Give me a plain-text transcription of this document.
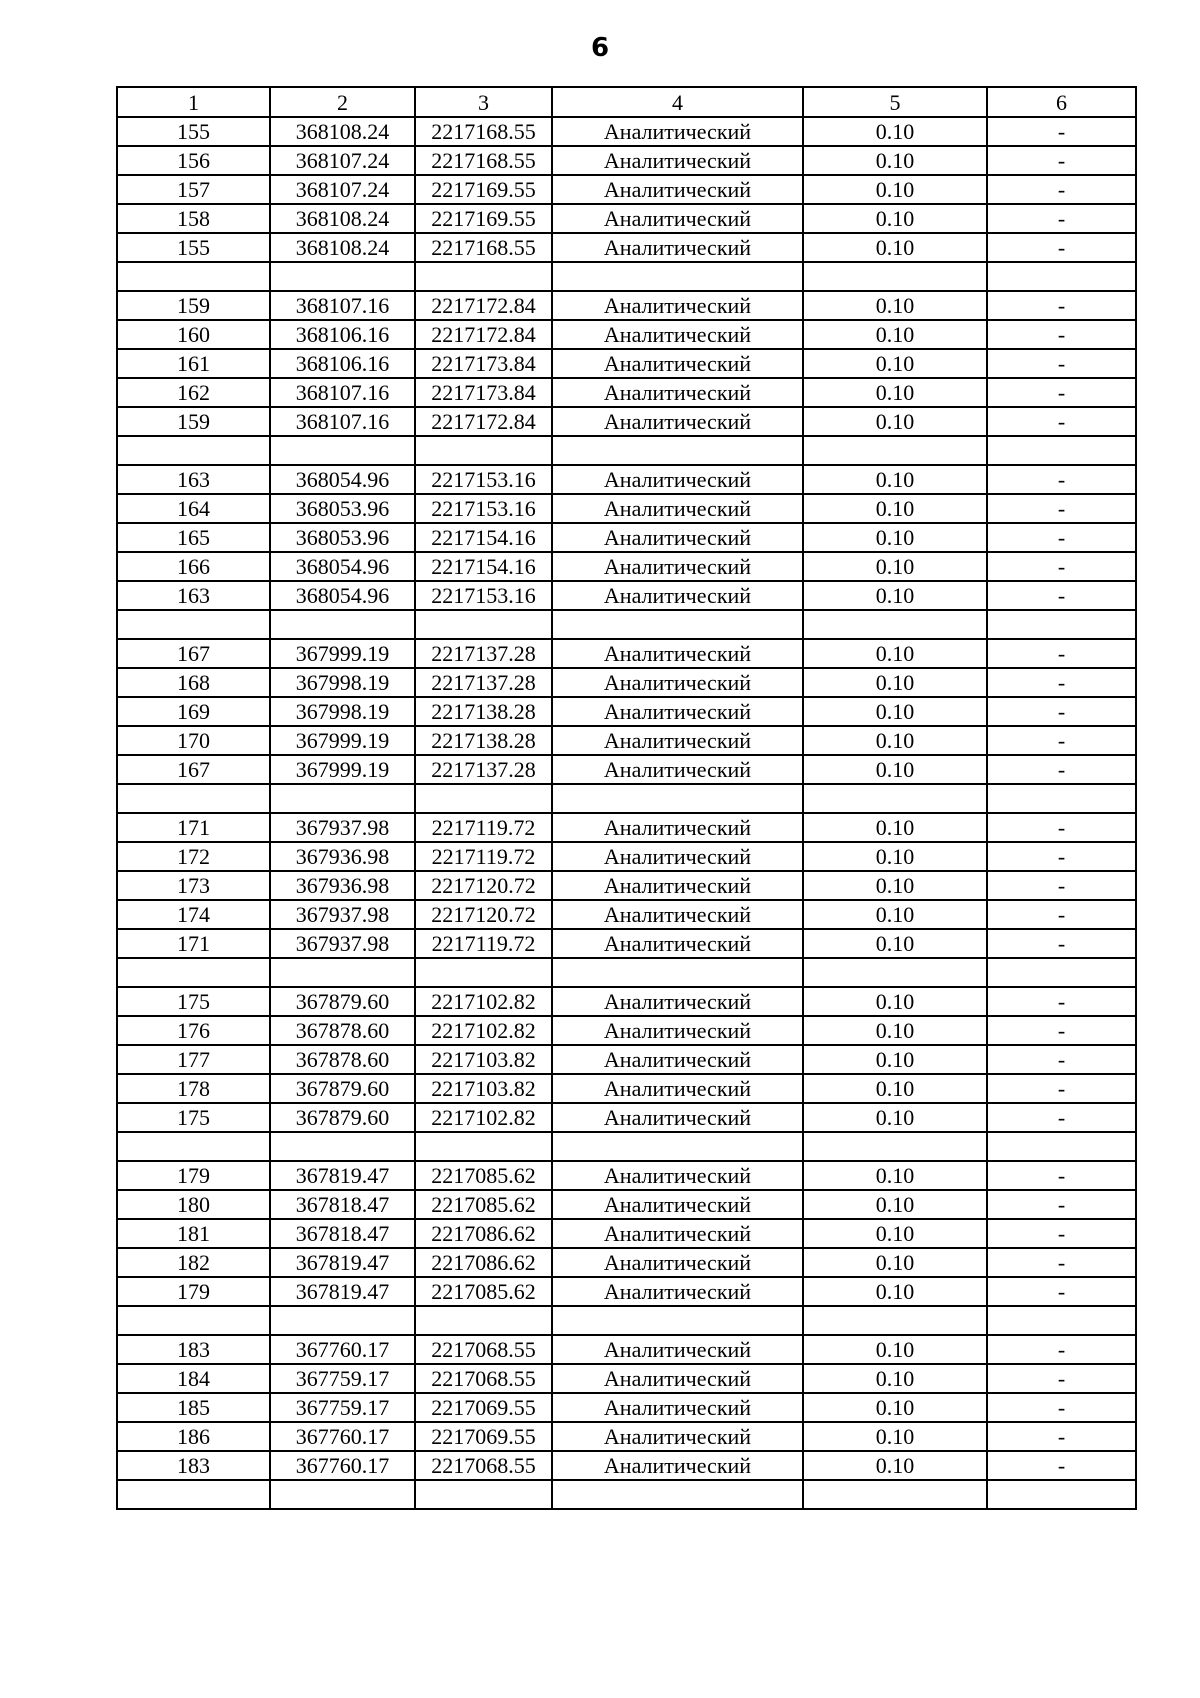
6
1	2	3	4	5	6
155	368108.24	2217168.55	Аналитический	0.10	-
156	368107.24	2217168.55	Аналитический	0.10	-
157	368107.24	2217169.55	Аналитический	0.10	-
158	368108.24	2217169.55	Аналитический	0.10	-
155	368108.24	2217168.55	Аналитический	0.10	-

159	368107.16	2217172.84	Аналитический	0.10	-
160	368106.16	2217172.84	Аналитический	0.10	-
161	368106.16	2217173.84	Аналитический	0.10	-
162	368107.16	2217173.84	Аналитический	0.10	-
159	368107.16	2217172.84	Аналитический	0.10	-

163	368054.96	2217153.16	Аналитический	0.10	-
164	368053.96	2217153.16	Аналитический	0.10	-
165	368053.96	2217154.16	Аналитический	0.10	-
166	368054.96	2217154.16	Аналитический	0.10	-
163	368054.96	2217153.16	Аналитический	0.10	-

167	367999.19	2217137.28	Аналитический	0.10	-
168	367998.19	2217137.28	Аналитический	0.10	-
169	367998.19	2217138.28	Аналитический	0.10	-
170	367999.19	2217138.28	Аналитический	0.10	-
167	367999.19	2217137.28	Аналитический	0.10	-

171	367937.98	2217119.72	Аналитический	0.10	-
172	367936.98	2217119.72	Аналитический	0.10	-
173	367936.98	2217120.72	Аналитический	0.10	-
174	367937.98	2217120.72	Аналитический	0.10	-
171	367937.98	2217119.72	Аналитический	0.10	-

175	367879.60	2217102.82	Аналитический	0.10	-
176	367878.60	2217102.82	Аналитический	0.10	-
177	367878.60	2217103.82	Аналитический	0.10	-
178	367879.60	2217103.82	Аналитический	0.10	-
175	367879.60	2217102.82	Аналитический	0.10	-

179	367819.47	2217085.62	Аналитический	0.10	-
180	367818.47	2217085.62	Аналитический	0.10	-
181	367818.47	2217086.62	Аналитический	0.10	-
182	367819.47	2217086.62	Аналитический	0.10	-
179	367819.47	2217085.62	Аналитический	0.10	-

183	367760.17	2217068.55	Аналитический	0.10	-
184	367759.17	2217068.55	Аналитический	0.10	-
185	367759.17	2217069.55	Аналитический	0.10	-
186	367760.17	2217069.55	Аналитический	0.10	-
183	367760.17	2217068.55	Аналитический	0.10	-
